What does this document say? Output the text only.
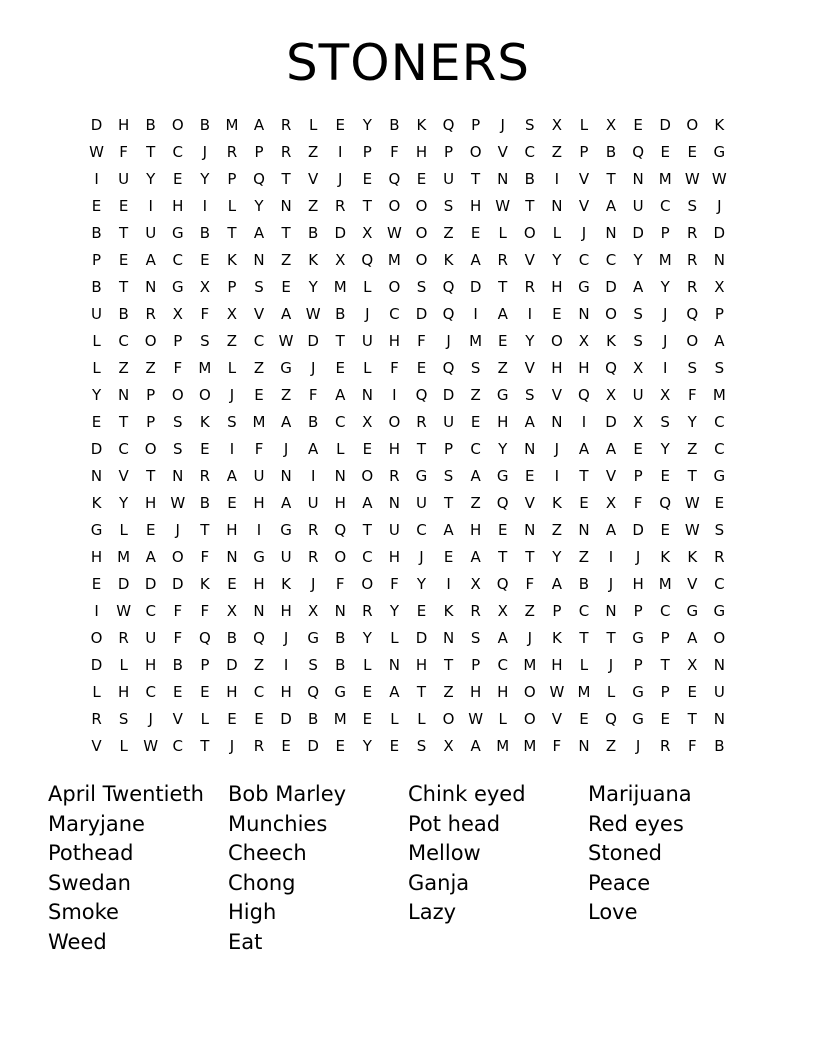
STONERS
D	H	B	O	B	M	A	R	L	E	Y	B	K	Q	P	J	S	X	L	X	E	D	O	K
W	F	T	C	J	R	P	R	Z	I	P	F	H	P	O	V	C	Z	P	B	Q	E	E	G
I	U	Y	E	Y	P	Q	T	V	J	E	Q	E	U	T	N	B	I	V	T	N M W W
E	E	I	H	I	L	Y	N	Z	R	T	O	O	S	H W	T	N	V	A	U	C	S	J
B	T	U	G	B	T	A	T	B	D	X W O	Z	E	L	O	L	J	N	D	P	R	D
P	E	A	C	E	K	N	Z	K	X	Q M O	K	A	R	V	Y	C	C	Y	M	R	N
B	T	N	G	X	P	S	E	Y	M	L	O	S	Q	D	T	R	H	G	D	A	Y	R	X
U	B	R	X	F	X	V	A W B	J	C	D	Q	I	A	I	E	N	O	S	J	Q	P
L	C	O	P	S	Z	C W D	T	U	H	F	J	M	E	Y	O	X	K	S	J	O	A
L	Z	Z	F	M	L	Z	G	J	E	L	F	E	Q	S	Z	V	H	H	Q	X	I	S	S
Y	N	P	O	O	J	E	Z	F	A	N	I	Q	D	Z	G	S	V	Q	X	U	X	F	M
E	T	P	S	K	S	M	A	B	C	X	O	R	U	E	H	A	N	I	D	X	S	Y	C
D	C	O	S	E	I	F	J	A	L	E	H	T	P	C	Y	N	J	A	A	E	Y	Z	C
N	V	T	N	R	A	U	N	I	N	O	R	G	S	A	G	E	I	T	V	P	E	T	G
K	Y	H W B	E	H	A	U	H	A	N	U	T	Z	Q	V	K	E	X	F	Q W E
G	L	E	J	T	H	I	G	R	Q	T	U	C	A	H	E	N	Z	N	A	D	E W S
H M	A	O	F	N	G	U	R	O	C	H	J	E	A	T	T	Y	Z	I	J	K	K	R
E	D	D	D	K	E	H	K	J	F	O	F	Y	I	X	Q	F	A	B	J	H M	V	C
I	W C	F	F	X	N	H	X	N	R	Y	E	K	R	X	Z	P	C	N	P	C	G	G
O	R	U	F	Q	B	Q	J	G	B	Y	L	D	N	S	A	J	K	T	T	G	P	A	O
D	L	H	B	P	D	Z	I	S	B	L	N	H	T	P	C	M H	L	J	P	T	X	N
L	H	C	E	E	H	C	H	Q	G	E	A	T	Z	H	H	O W M	L	G	P	E	U
R	S	J	V	L	E	E	D	B	M	E	L	L	O W	L	O	V	E	Q	G	E	T	N
V	L	W C	T	J	R	E	D	E	Y	E	S	X	A	M M	F	N	Z	J	R	F	B
April Twentieth
Maryjane
Pothead
Swedan
Smoke
Weed
Bob Marley
Munchies
Cheech
Chong
High
Eat
Chink eyed
Pot head
Mellow
Ganja
Lazy
Marijuana
Red eyes
Stoned
Peace
Love
